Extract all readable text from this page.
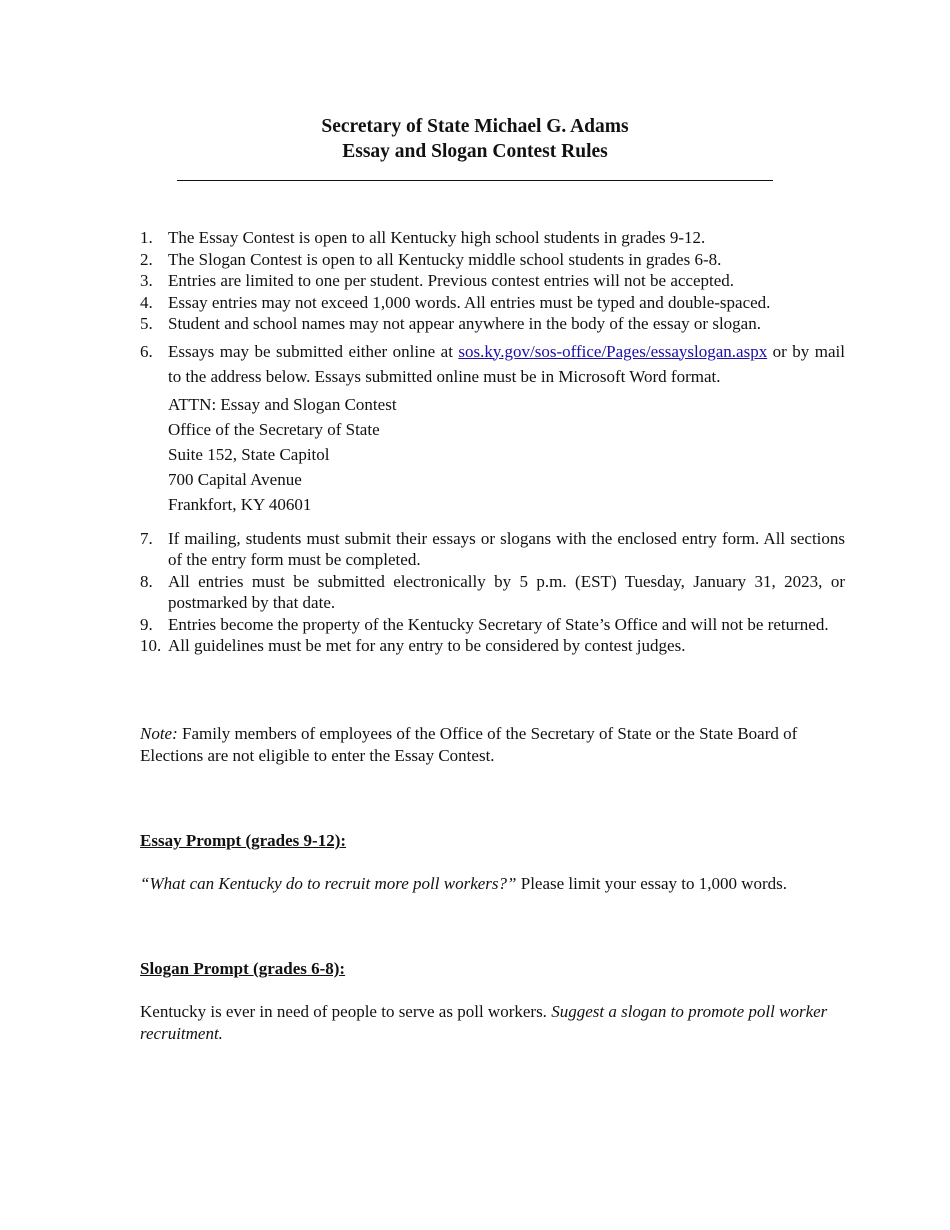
Secretary of State Michael G. Adams
Essay and Slogan Contest Rules
1. The Essay Contest is open to all Kentucky high school students in grades 9-12.
2. The Slogan Contest is open to all Kentucky middle school students in grades 6-8.
3. Entries are limited to one per student. Previous contest entries will not be accepted.
4. Essay entries may not exceed 1,000 words. All entries must be typed and double-spaced.
5. Student and school names may not appear anywhere in the body of the essay or slogan.
6. Essays may be submitted either online at sos.ky.gov/sos-office/Pages/essayslogan.aspx or by mail to the address below. Essays submitted online must be in Microsoft Word format.
ATTN: Essay and Slogan Contest
Office of the Secretary of State
Suite 152, State Capitol
700 Capital Avenue
Frankfort, KY 40601
7. If mailing, students must submit their essays or slogans with the enclosed entry form. All sections of the entry form must be completed.
8. All entries must be submitted electronically by 5 p.m. (EST) Tuesday, January 31, 2023, or postmarked by that date.
9. Entries become the property of the Kentucky Secretary of State’s Office and will not be returned.
10. All guidelines must be met for any entry to be considered by contest judges.

Note: Family members of employees of the Office of the Secretary of State or the State Board of Elections are not eligible to enter the Essay Contest.

Essay Prompt (grades 9-12):

“What can Kentucky do to recruit more poll workers?” Please limit your essay to 1,000 words.

Slogan Prompt (grades 6-8):

Kentucky is ever in need of people to serve as poll workers. Suggest a slogan to promote poll worker recruitment.
